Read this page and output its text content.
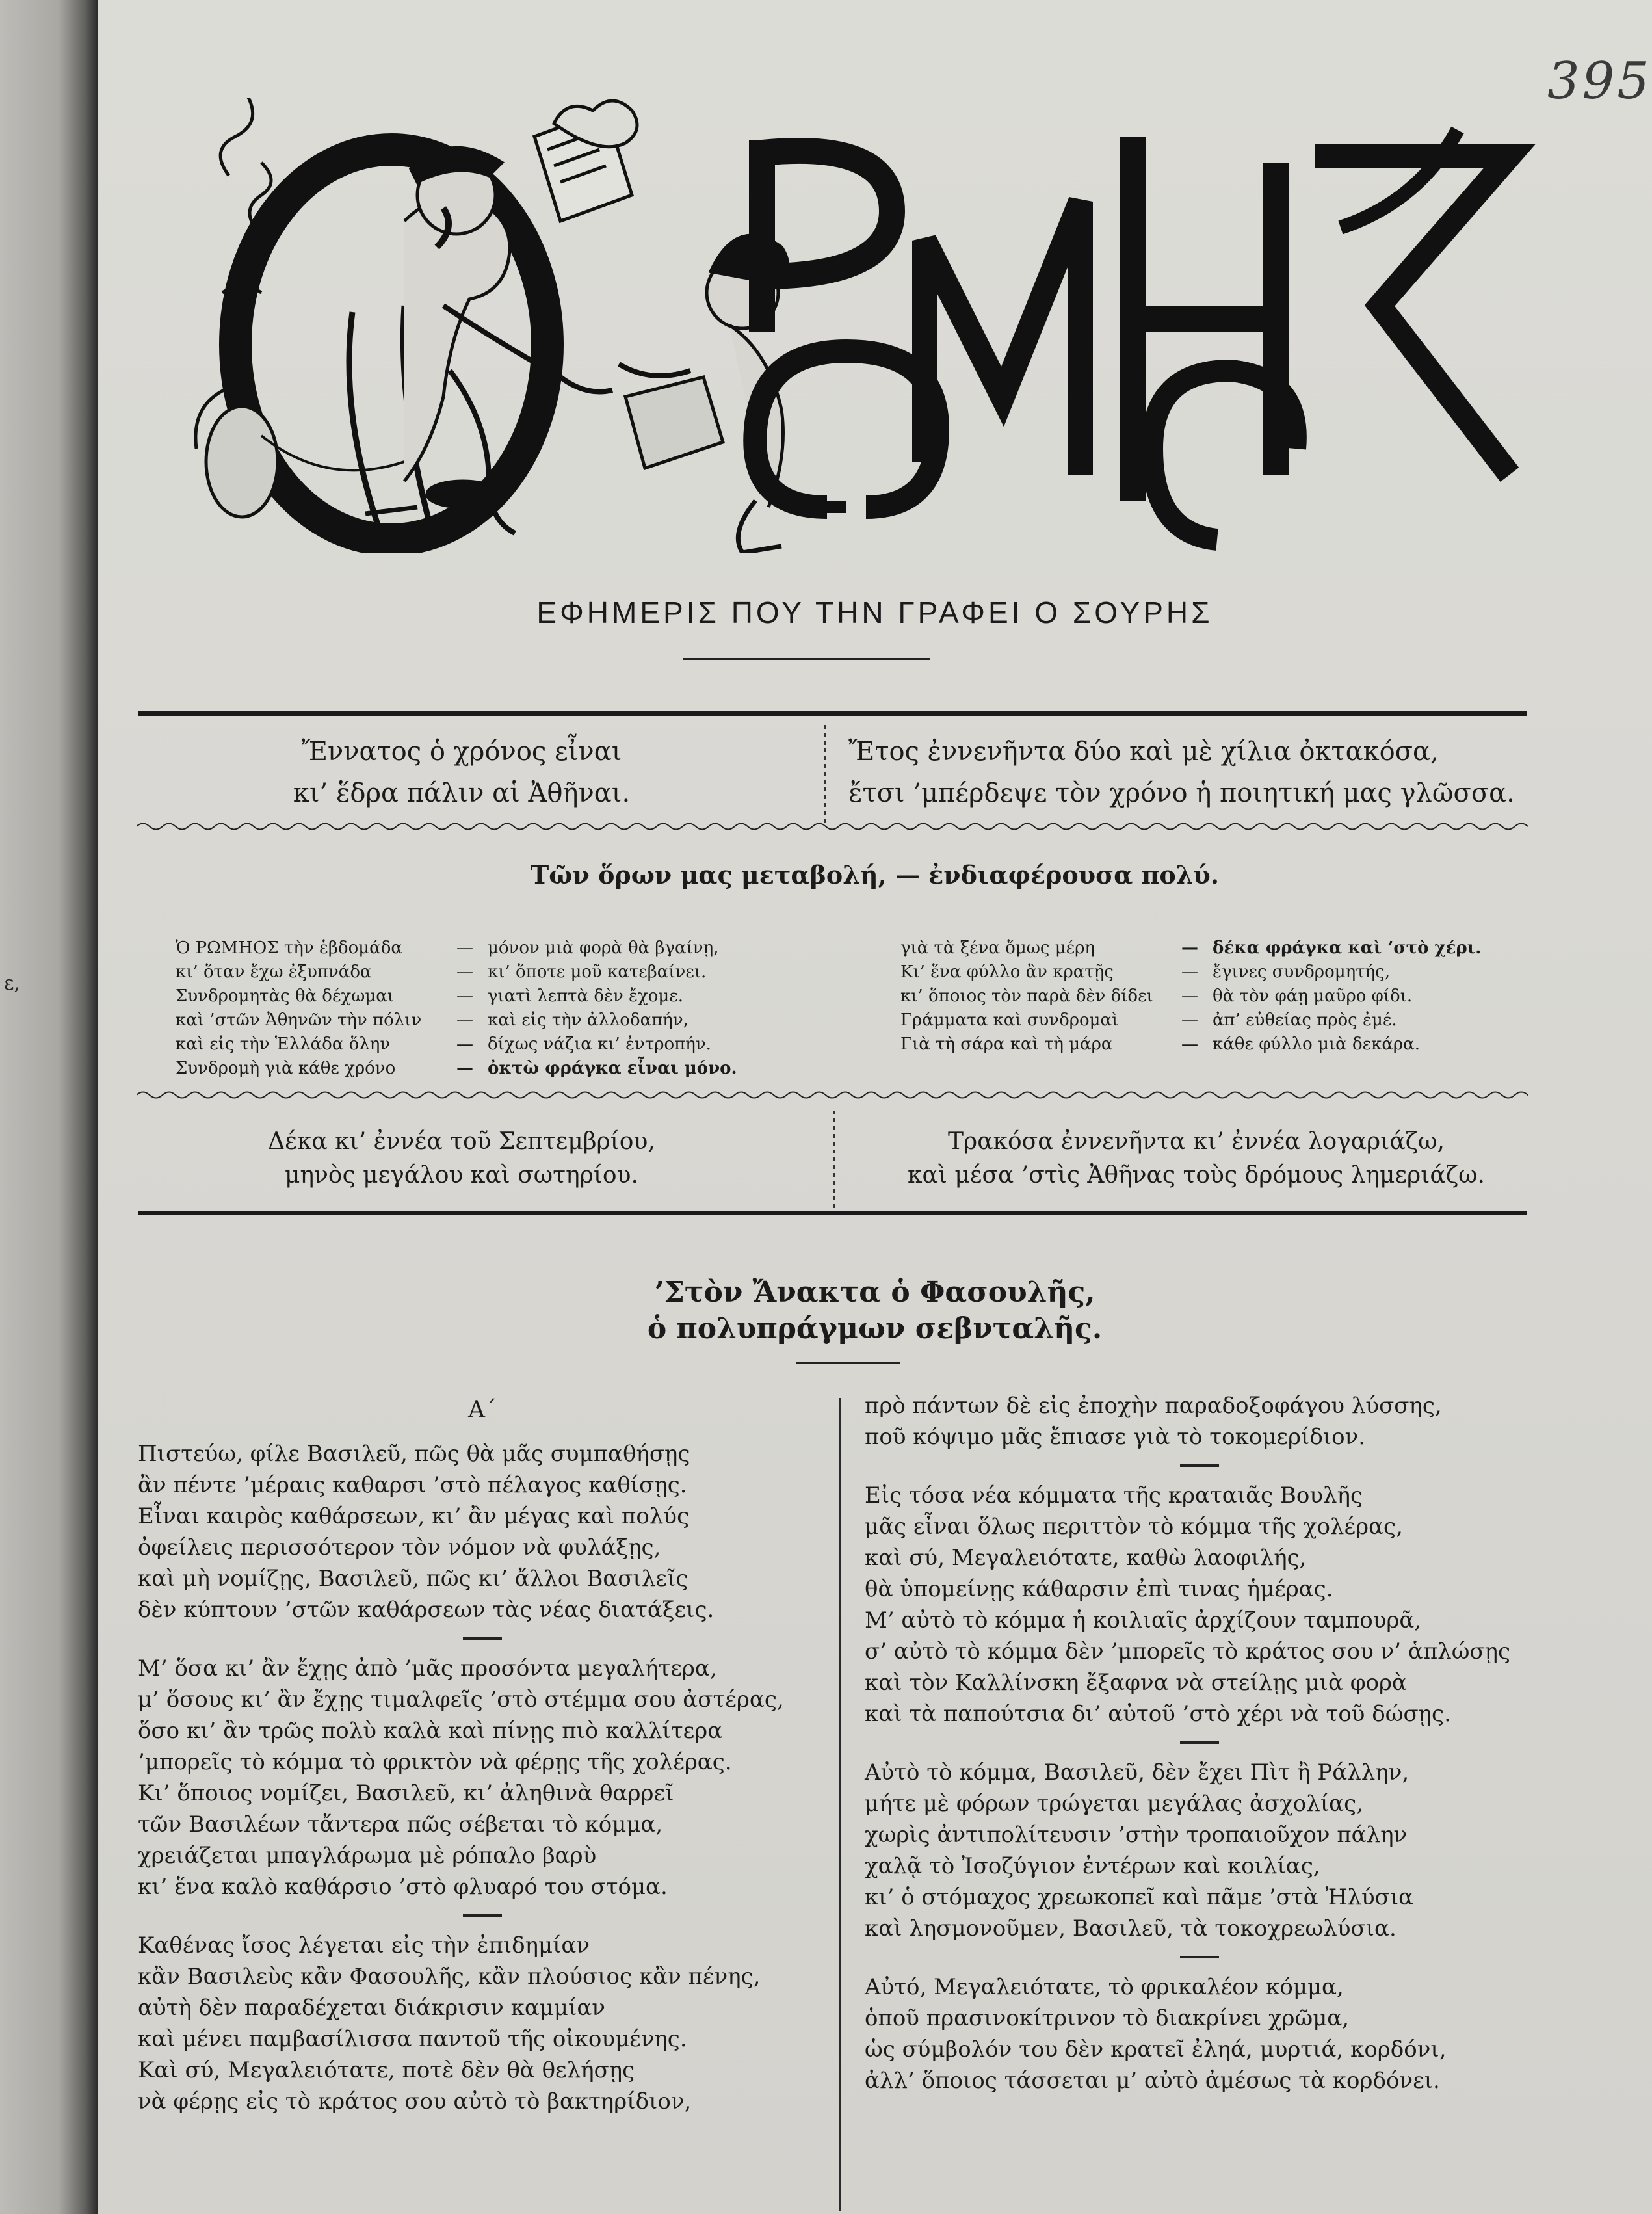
ε,
395
ΕΦΗΜΕΡΙΣ ΠΟΥ ΤΗΝ ΓΡΑΦΕΙ Ο ΣΟΥΡΗΣ
Ἔννατος ὁ χρόνος εἶναι
κι’ ἕδρα πάλιν αἱ Ἀθῆναι.
Ἔτος ἐννενῆντα δύο καὶ μὲ χίλια ὀκτακόσα,
ἔτσι ’μπέρδεψε τὸν χρόνο ἡ ποιητική μας γλῶσσα.
Τῶν ὅρων μας μεταβολή, — ἐνδιαφέρουσα πολύ.
Ὁ ΡΩΜΗΟΣ τὴν ἑβδομάδα	— μόνον μιὰ φορὰ θὰ βγαίνῃ,
κι’ ὅταν ἔχω ἐξυπνάδα	— κι’ ὅποτε μοῦ κατεβαίνει.
Συνδρομητὰς θὰ δέχωμαι	— γιατὶ λεπτὰ δὲν ἔχομε.
καὶ ’στῶν Ἀθηνῶν τὴν πόλιν	— καὶ εἰς τὴν ἀλλοδαπήν,
καὶ εἰς τὴν Ἑλλάδα ὅλην	— δίχως νάζια κι’ ἐντροπήν.
Συνδρομὴ γιὰ κάθε χρόνο	— ὀκτὼ φράγκα εἶναι μόνο.
γιὰ τὰ ξένα ὅμως μέρη	— δέκα φράγκα καὶ ’στὸ χέρι.
Κι’ ἕνα φύλλο ἂν κρατῇς	— ἔγινες συνδρομητής,
κι’ ὅποιος τὸν παρὰ δὲν δίδει	— θὰ τὸν φάῃ μαῦρο φίδι.
Γράμματα καὶ συνδρομαὶ	— ἀπ’ εὐθείας πρὸς ἐμέ.
Γιὰ τὴ σάρα καὶ τὴ μάρα	— κάθε φύλλο μιὰ δεκάρα.
Δέκα κι’ ἐννέα τοῦ Σεπτεμβρίου,
μηνὸς μεγάλου καὶ σωτηρίου.
Τρακόσα ἐννενῆντα κι’ ἐννέα λογαριάζω,
καὶ μέσα ’στὶς Ἀθῆνας τοὺς δρόμους λημεριάζω.
’Στὸν Ἄνακτα ὁ Φασουλῆς,
ὁ πολυπράγμων σεβνταλῆς.
Α΄

Πιστεύω, φίλε Βασιλεῦ, πῶς θὰ μᾶς συμπαθήσῃς

ἂν πέντε ’μέραις καθαρσι ’στὸ πέλαγος καθίσῃς.

Εἶναι καιρὸς καθάρσεων, κι’ ἂν μέγας καὶ πολύς

ὀφείλεις περισσότερον τὸν νόμον νὰ φυλάξῃς,

καὶ μὴ νομίζῃς, Βασιλεῦ, πῶς κι’ ἄλλοι Βασιλεῖς

δὲν κύπτουν ’στῶν καθάρσεων τὰς νέας διατάξεις.

Μ’ ὅσα κι’ ἂν ἔχῃς ἀπὸ ’μᾶς προσόντα μεγαλήτερα,

μ’ ὅσους κι’ ἂν ἔχῃς τιμαλφεῖς ’στὸ στέμμα σου ἀστέρας,

ὅσο κι’ ἂν τρῶς πολὺ καλὰ καὶ πίνῃς πιὸ καλλίτερα

’μπορεῖς τὸ κόμμα τὸ φρικτὸν νὰ φέρῃς τῆς χολέρας.

Κι’ ὅποιος νομίζει, Βασιλεῦ, κι’ ἀληθινὰ θαρρεῖ

τῶν Βασιλέων τἄντερα πῶς σέβεται τὸ κόμμα,

χρειάζεται μπαγλάρωμα μὲ ρόπαλο βαρὺ

κι’ ἕνα καλὸ καθάρσιο ’στὸ φλυαρό του στόμα.

Καθένας ἴσος λέγεται εἰς τὴν ἐπιδημίαν

κἂν Βασιλεὺς κἂν Φασουλῆς, κἂν πλούσιος κἂν πένης,

αὐτὴ δὲν παραδέχεται διάκρισιν καμμίαν

καὶ μένει παμβασίλισσα παντοῦ τῆς οἰκουμένης.

Καὶ σύ, Μεγαλειότατε, ποτὲ δὲν θὰ θελήσῃς

νὰ φέρῃς εἰς τὸ κράτος σου αὐτὸ τὸ βακτηρίδιον,

πρὸ πάντων δὲ εἰς ἐποχὴν παραδοξοφάγου λύσσης,

ποῦ κόψιμο μᾶς ἔπιασε γιὰ τὸ τοκομερίδιον.

Εἰς τόσα νέα κόμματα τῆς κραταιᾶς Βουλῆς

μᾶς εἶναι ὅλως περιττὸν τὸ κόμμα τῆς χολέρας,

καὶ σύ, Μεγαλειότατε, καθὼ λαοφιλής,

θὰ ὑπομείνῃς κάθαρσιν ἐπὶ τινας ἡμέρας.

Μ’ αὐτὸ τὸ κόμμα ἡ κοιλιαῖς ἀρχίζουν ταμπουρᾶ,

σ’ αὐτὸ τὸ κόμμα δὲν ’μπορεῖς τὸ κράτος σου ν’ ἁπλώσῃς

καὶ τὸν Καλλίνσκη ἔξαφνα νὰ στείλῃς μιὰ φορὰ

καὶ τὰ παπούτσια δι’ αὐτοῦ ’στὸ χέρι νὰ τοῦ δώσῃς.

Αὐτὸ τὸ κόμμα, Βασιλεῦ, δὲν ἔχει Πὶτ ἢ Ράλλην,

μήτε μὲ φόρων τρώγεται μεγάλας ἀσχολίας,

χωρὶς ἀντιπολίτευσιν ’στὴν τροπαιοῦχον πάλην

χαλᾷ τὸ Ἰσοζύγιον ἐντέρων καὶ κοιλίας,

κι’ ὁ στόμαχος χρεωκοπεῖ καὶ πᾶμε ’στὰ Ἠλύσια

καὶ λησμονοῦμεν, Βασιλεῦ, τὰ τοκοχρεωλύσια.

Αὐτό, Μεγαλειότατε, τὸ φρικαλέον κόμμα,

ὁποῦ πρασινοκίτρινον τὸ διακρίνει χρῶμα,

ὡς σύμβολόν του δὲν κρατεῖ ἐληά, μυρτιά, κορδόνι,

ἀλλ’ ὅποιος τάσσεται μ’ αὐτὸ ἀμέσως τὰ κορδόνει.
